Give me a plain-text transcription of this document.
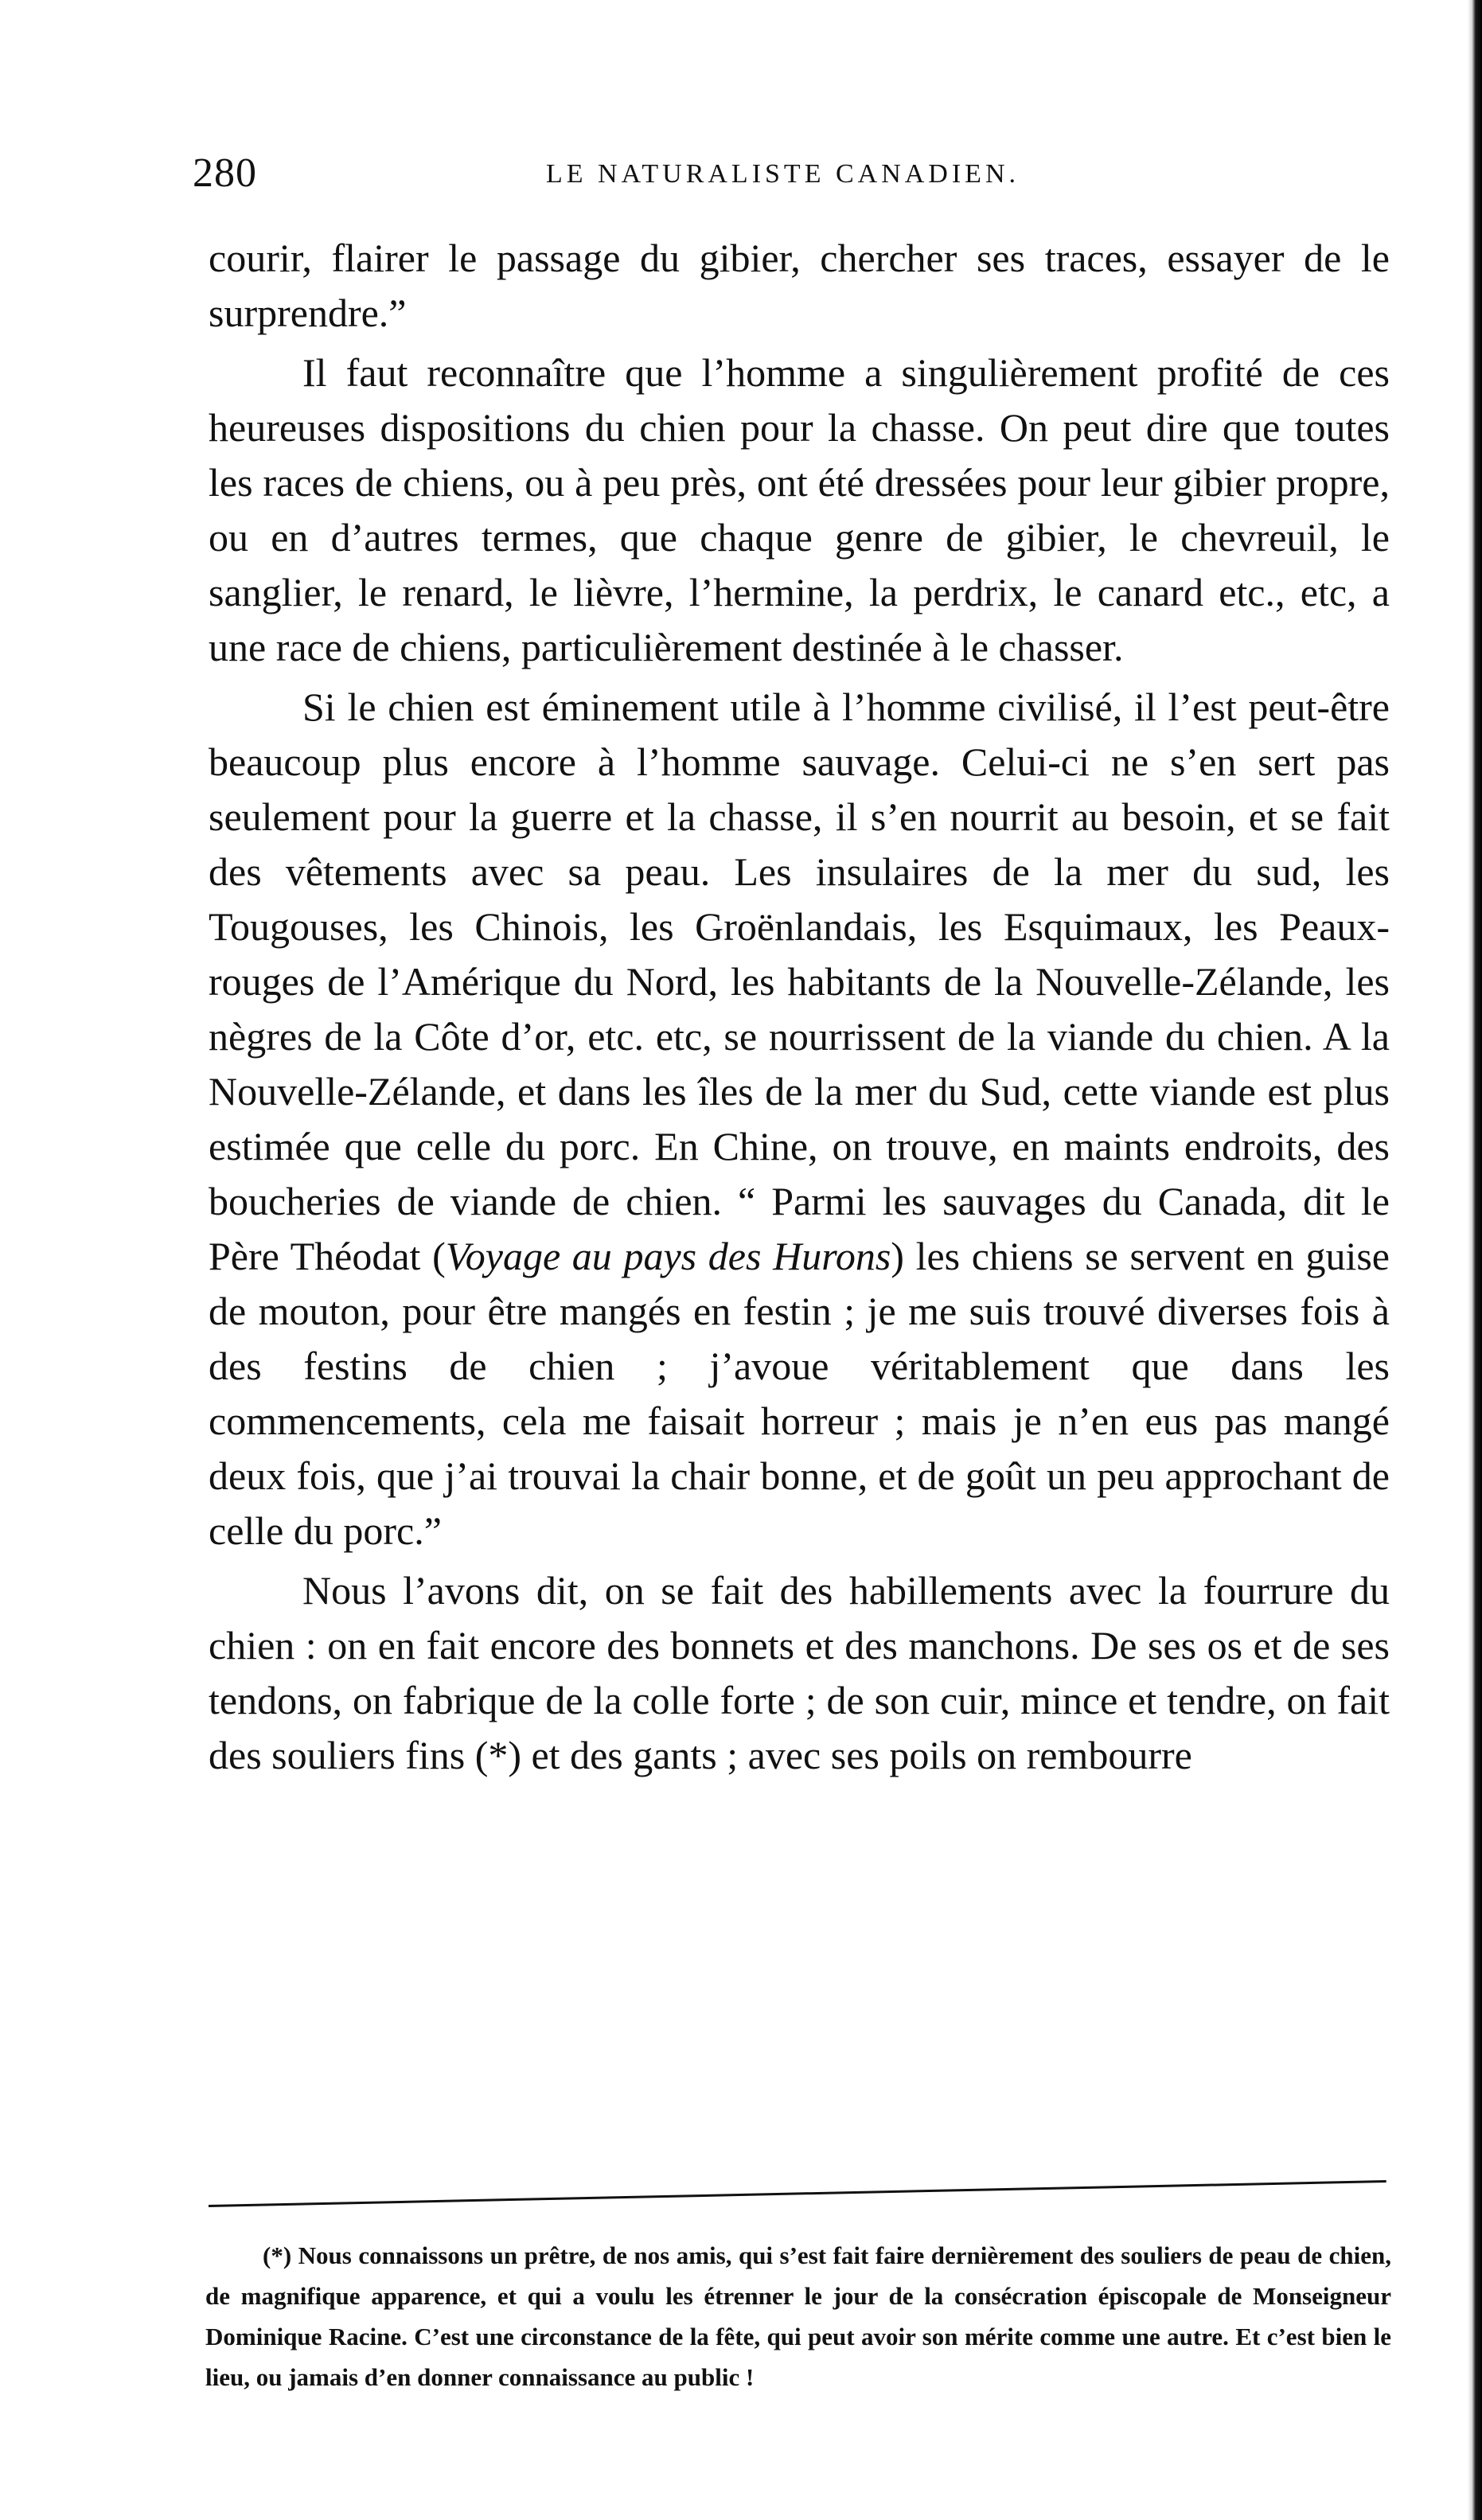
280	LE NATURALISTE CANADIEN.

courir, flairer le passage du gibier, chercher ses traces, essayer de le surprendre.”

Il faut reconnaître que l’homme a singulièrement profité de ces heureuses dispositions du chien pour la chasse. On peut dire que toutes les races de chiens, ou à peu près, ont été dressées pour leur gibier propre, ou en d’autres termes, que chaque genre de gibier, le chevreuil, le sanglier, le renard, le lièvre, l’hermine, la perdrix, le canard etc., etc, a une race de chiens, particulièrement destinée à le chasser.

Si le chien est éminement utile à l’homme civilisé, il l’est peut-être beaucoup plus encore à l’homme sauvage. Celui-ci ne s’en sert pas seulement pour la guerre et la chasse, il s’en nourrit au besoin, et se fait des vêtements avec sa peau. Les insulaires de la mer du sud, les Tougouses, les Chinois, les Groënlandais, les Esquimaux, les Peaux-rouges de l’Amérique du Nord, les habitants de la Nouvelle-Zélande, les nègres de la Côte d’or, etc. etc, se nourrissent de la viande du chien. A la Nouvelle-Zélande, et dans les îles de la mer du Sud, cette viande est plus estimée que celle du porc. En Chine, on trouve, en maints endroits, des boucheries de viande de chien. “ Parmi les sauvages du Canada, dit le Père Théodat (Voyage au pays des Hurons) les chiens se servent en guise de mouton, pour être mangés en festin ; je me suis trouvé diverses fois à des festins de chien ; j’avoue véritablement que dans les commencements, cela me faisait horreur ; mais je n’en eus pas mangé deux fois, que j’ai trouvai la chair bonne, et de goût un peu approchant de celle du porc.”

Nous l’avons dit, on se fait des habillements avec la fourrure du chien : on en fait encore des bonnets et des manchons. De ses os et de ses tendons, on fabrique de la colle forte ; de son cuir, mince et tendre, on fait des souliers fins (*) et des gants ; avec ses poils on rembourre

(*) Nous connaissons un prêtre, de nos amis, qui s’est fait faire dernièrement des souliers de peau de chien, de magnifique apparence, et qui a voulu les étrenner le jour de la consécration épiscopale de Monseigneur Dominique Racine. C’est une circonstance de la fête, qui peut avoir son mérite comme une autre. Et c’est bien le lieu, ou jamais d’en donner connaissance au public !
